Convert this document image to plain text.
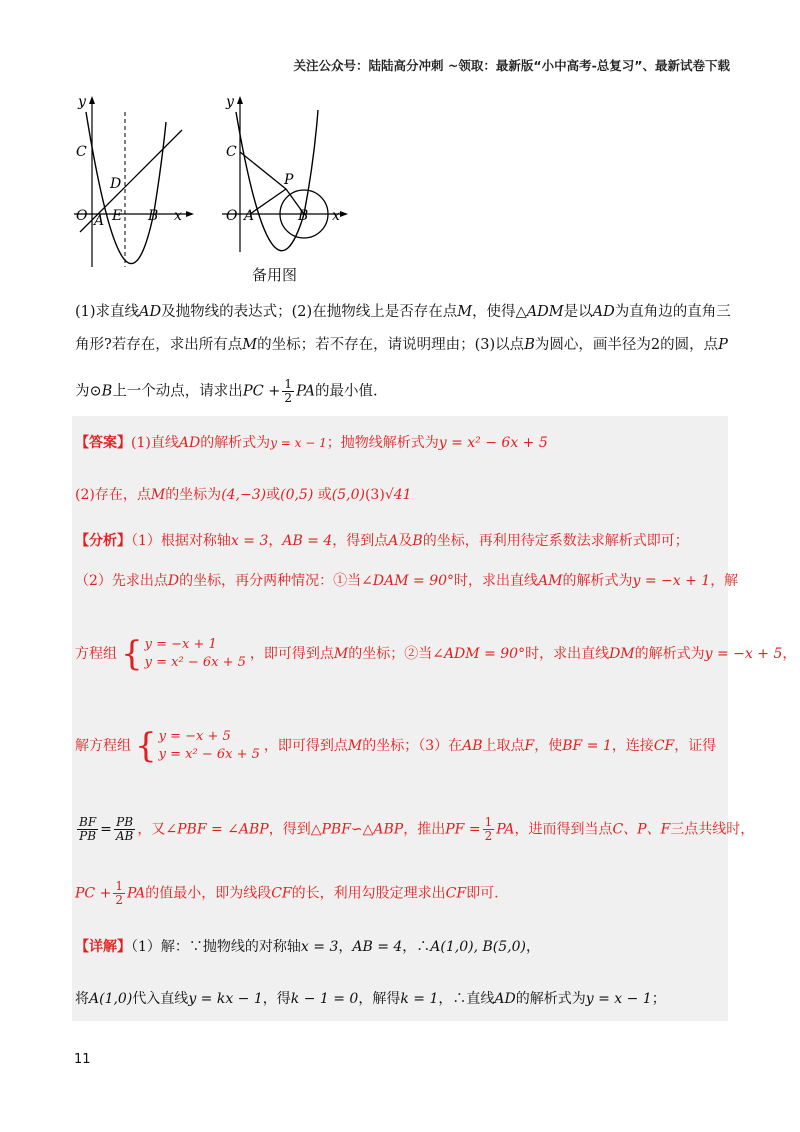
关注公众号：陆陆高分冲刺 ~领取：最新版“小中高考-总复习”、最新试卷下载
y
x
C
D
O A E B
y
x
C
P
O A	B
备用图
(1)求直线AD及抛物线的表达式；(2)在抛物线上是否存在点M，使得△ADM是以AD为直角边的直角三
角形?若存在，求出所有点M的坐标；若不存在，请说明理由；(3)以点B为圆心，画半径为2的圆，点P
为⊙B上一个动点，请求出PC + $\frac{1}{2}$ PA的最小值.
【答案】(1)直线AD的解析式为y = x − 1；抛物线解析式为y = x² − 6x + 5
(2)存在，点M的坐标为(4,−3)或(0,5) 或(5,0)(3)√41
【分析】（1）根据对称轴x = 3，AB = 4，得到点A及B的坐标，再利用待定系数法求解析式即可；
（2）先求出点D的坐标，再分两种情况：①当∠DAM = 90°时，求出直线AM的解析式为y = −x + 1，解
方程组 { y = −x + 1
y = x² − 6x + 5
，即可得到点M的坐标；②当∠ADM = 90°时，求出直线DM的解析式为y = −x + 5，
解方程组 { y = −x + 5
y = x² − 6x + 5
，即可得到点M的坐标；（3）在AB上取点F，使BF = 1，连接CF，证得
$\frac{BF}{PB} = \frac{PB}{AB}$ ，又∠PBF = ∠ABP，得到△PBF∽△ABP，推出PF = $\frac{1}{2}$ PA，进而得到当点C、P、F三点共线时，
PC + $\frac{1}{2}$ PA的值最小，即为线段CF的长，利用勾股定理求出CF即可.
【详解】（1）解：∵抛物线的对称轴x = 3，AB = 4，∴A(1,0), B(5,0)，
将A(1,0)代入直线y = kx − 1，得k − 1 = 0，解得k = 1，∴直线AD的解析式为y = x − 1；
11
